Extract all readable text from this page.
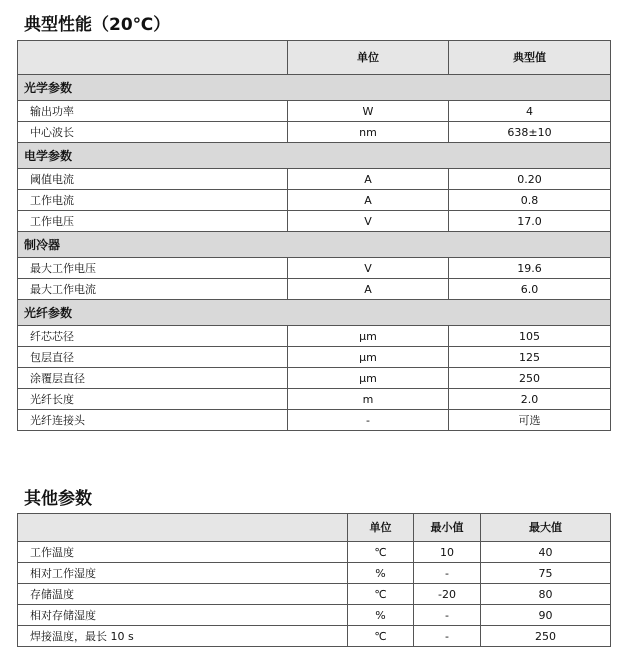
典型性能（20℃）
	单位	典型值
光学参数		
输出功率	W	4
中心波长	nm	638±10
电学参数		
阈值电流	A	0.20
工作电流	A	0.8
工作电压	V	17.0
制冷器		
最大工作电压	V	19.6
最大工作电流	A	6.0
光纤参数		
纤芯芯径	μm	105
包层直径	μm	125
涂覆层直径	μm	250
光纤长度	m	2.0
光纤连接头	-	可选
其他参数
	单位	最小值	最大值
工作温度	℃	10	40
相对工作湿度	%	-	75
存储温度	℃	-20	80
相对存储湿度	%	-	90
焊接温度，最长 10 s	℃	-	250
